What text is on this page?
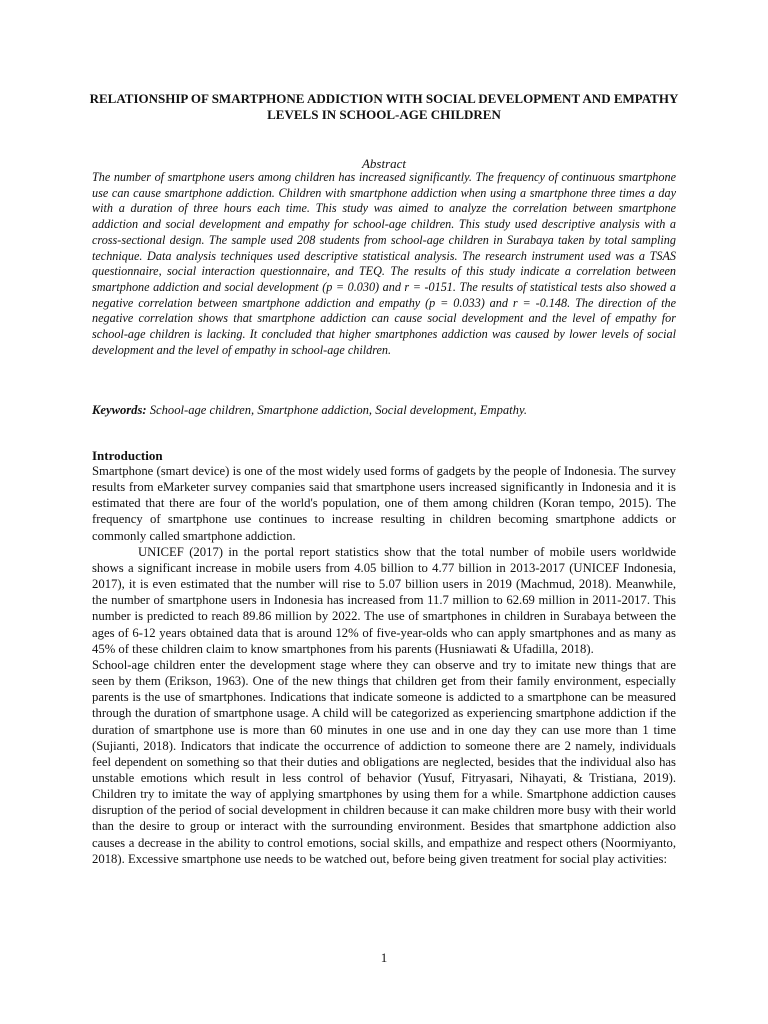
RELATIONSHIP OF SMARTPHONE ADDICTION WITH SOCIAL DEVELOPMENT AND EMPATHY LEVELS IN SCHOOL-AGE CHILDREN
Abstract
The number of smartphone users among children has increased significantly. The frequency of continuous smartphone use can cause smartphone addiction. Children with smartphone addiction when using a smartphone three times a day with a duration of three hours each time. This study was aimed to analyze the correlation between smartphone addiction and social development and empathy for school-age children. This study used descriptive analysis with a cross-sectional design. The sample used 208 students from school-age children in Surabaya taken by total sampling technique. Data analysis techniques used descriptive statistical analysis. The research instrument used was a TSAS questionnaire, social interaction questionnaire, and TEQ. The results of this study indicate a correlation between smartphone addiction and social development (p = 0.030) and r = -0151. The results of statistical tests also showed a negative correlation between smartphone addiction and empathy (p = 0.033) and r = -0.148. The direction of the negative correlation shows that smartphone addiction can cause social development and the level of empathy for school-age children is lacking. It concluded that higher smartphones addiction was caused by lower levels of social development and the level of empathy in school-age children.
Keywords: School-age children, Smartphone addiction, Social development, Empathy.
Introduction

Smartphone (smart device) is one of the most widely used forms of gadgets by the people of Indonesia. The survey results from eMarketer survey companies said that smartphone users increased significantly in Indonesia and it is estimated that there are four of the world's population, one of them among children (Koran tempo, 2015). The frequency of smartphone use continues to increase resulting in children becoming smartphone addicts or commonly called smartphone addiction.

UNICEF (2017) in the portal report statistics show that the total number of mobile users worldwide shows a significant increase in mobile users from 4.05 billion to 4.77 billion in 2013-2017 (UNICEF Indonesia, 2017), it is even estimated that the number will rise to 5.07 billion users in 2019 (Machmud, 2018). Meanwhile, the number of smartphone users in Indonesia has increased from 11.7 million to 62.69 million in 2011-2017. This number is predicted to reach 89.86 million by 2022. The use of smartphones in children in Surabaya between the ages of 6-12 years obtained data that is around 12% of five-year-olds who can apply smartphones and as many as 45% of these children claim to know smartphones from his parents (Husniawati & Ufadilla, 2018).

School-age children enter the development stage where they can observe and try to imitate new things that are seen by them (Erikson, 1963). One of the new things that children get from their family environment, especially parents is the use of smartphones. Indications that indicate someone is addicted to a smartphone can be measured through the duration of smartphone usage. A child will be categorized as experiencing smartphone addiction if the duration of smartphone use is more than 60 minutes in one use and in one day they can use more than 1 time (Sujianti, 2018). Indicators that indicate the occurrence of addiction to someone there are 2 namely, individuals feel dependent on something so that their duties and obligations are neglected, besides that the individual also has unstable emotions which result in less control of behavior (Yusuf, Fitryasari, Nihayati, & Tristiana, 2019). Children try to imitate the way of applying smartphones by using them for a while. Smartphone addiction causes disruption of the period of social development in children because it can make children more busy with their world than the desire to group or interact with the surrounding environment. Besides that smartphone addiction also causes a decrease in the ability to control emotions, social skills, and empathize and respect others (Noormiyanto, 2018). Excessive smartphone use needs to be watched out, before being given treatment for social play activities:

1
